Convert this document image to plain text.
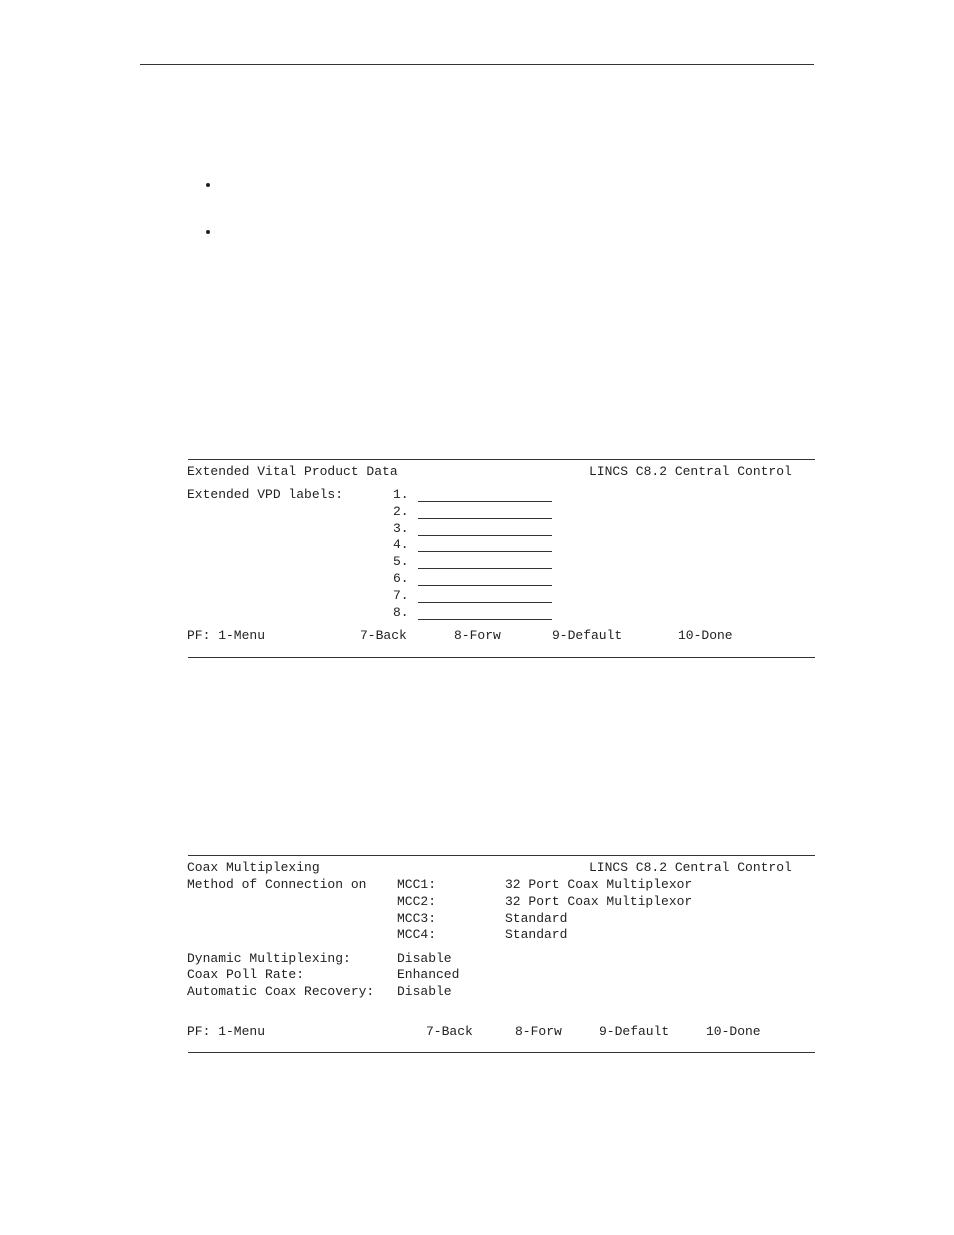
Extended Vital Product Data	LINCS C8.2 Central Control
Extended VPD labels:	1.
2.
3.
4.
5.
6.
7.
8.
PF: 1-Menu	7-Back	8-Forw	9-Default	10-Done
Coax Multiplexing	LINCS C8.2 Central Control
Method of Connection on MCC1:	32 Port Coax Multiplexor
MCC2:	32 Port Coax Multiplexor
MCC3:	Standard
MCC4:	Standard
Dynamic Multiplexing:	Disable
Coax Poll Rate:	Enhanced
Automatic Coax Recovery: Disable
PF: 1-Menu	7-Back	8-Forw	9-Default	10-Done
